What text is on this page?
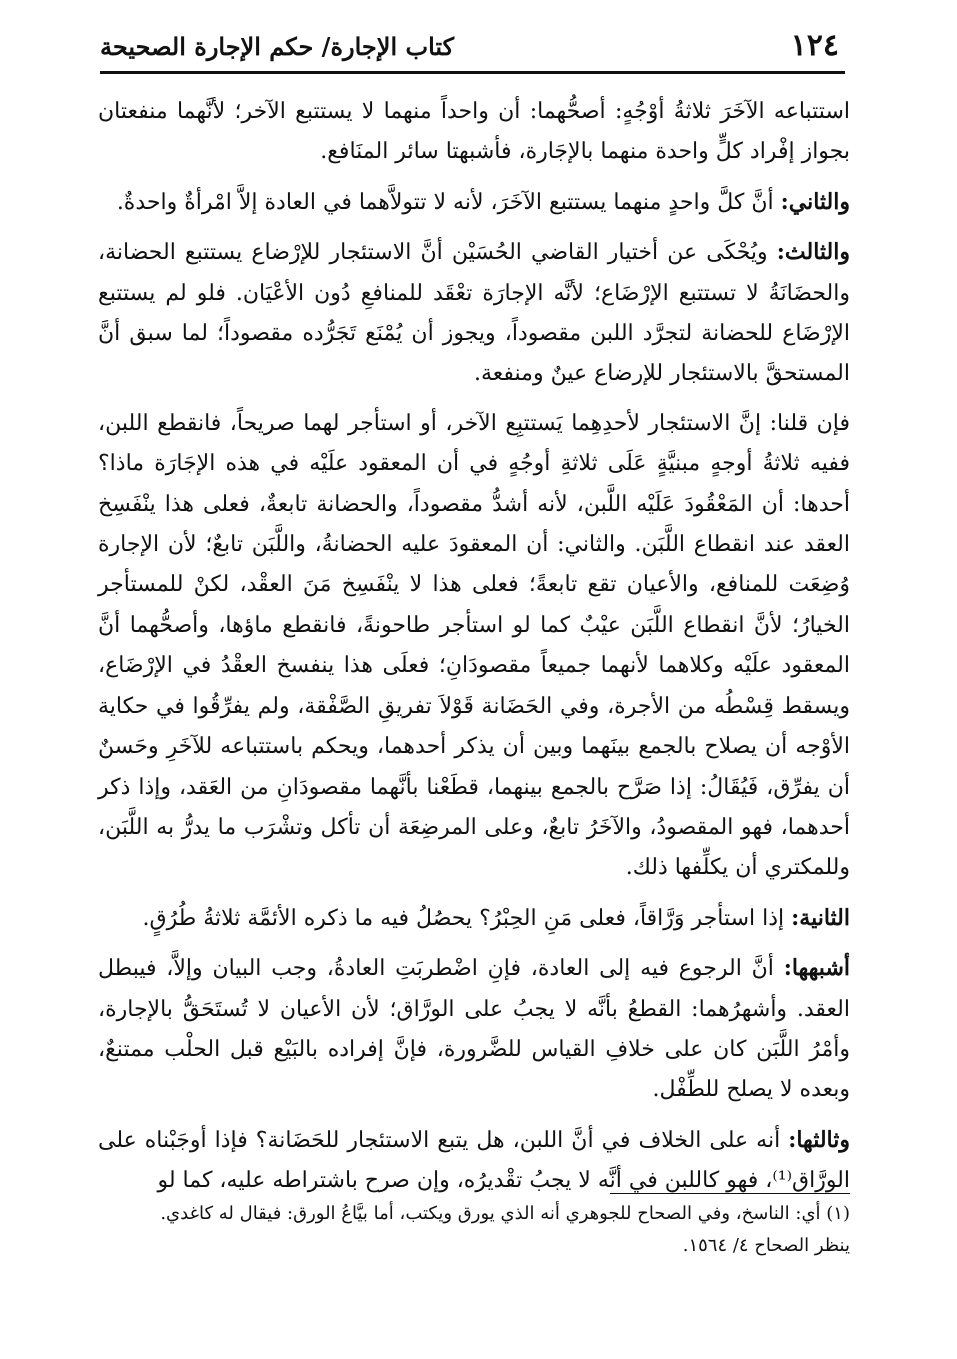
١٢٤
كتاب الإجارة/ حكم الإجارة الصحيحة

استتباعه الآخَرَ ثلاثةُ أوْجُهٍ: أصحُّهما: أن واحداً منهما لا يستتبع الآخر؛ لأنَّهما منفعتان بجواز إفْراد كلٍّ واحدة منهما بالإجَارة، فأشبهتا سائر المنَافع.

والثاني: أنَّ كلَّ واحدٍ منهما يستتبع الآخَرَ، لأنه لا تتولاَّهما في العادة إلاَّ امْرأةٌ واحدةٌ.

والثالث: ويُحْكَى عن أختيار القاضي الحُسَيْن أنَّ الاستئجار للإرْضاع يستتبع الحضانة، والحضَانَةُ لا تستتبع الإرْضَاع؛ لأنَّه الإجارَة تعْقَد للمنافعِ دُون الأعْيَان. فلو لم يستتبع الإرْضَاع للحضانة لتجرَّد اللبن مقصوداً، ويجوز أن يُمْنَع تَجَرُّده مقصوداً؛ لما سبق أنَّ المستحقَّ بالاستئجار للإرضاع عينٌ ومنفعة.

فإن قلنا: إنَّ الاستئجار لأحدِهِما يَستتبِع الآخر، أو استأجر لهما صريحاً، فانقطع اللبن، ففيه ثلاثةُ أوجهٍ مبنيَّةٍ عَلَى ثلاثةِ أوجُهٍ في أن المعقود علَيْه في هذه الإجَارَة ماذا؟ أحدها: أن المَعْقُودَ عَلَيْه اللَّبن، لأنه أشدُّ مقصوداً، والحضانة تابعةٌ، فعلى هذا ينْفَسِخ العقد عند انقطاع اللَّبَن. والثاني: أن المعقودَ عليه الحضانةُ، واللَّبَن تابعٌ؛ لأن الإجارة وُضِعَت للمنافع، والأعيان تقع تابعةً؛ فعلى هذا لا ينْفَسِخ مَنَ العقْد، لكنْ للمستأجر الخيارُ؛ لأنَّ انقطاع اللَّبَن عيْبٌ كما لو استأجر طاحونةً، فانقطع ماؤها، وأصحُّهما أنَّ المعقود علَيْه وكلاهما لأنهما جميعاً مقصودَانِ؛ فعلَى هذا ينفسخ العقْدُ في الإرْضَاع، ويسقط قِسْطُه من الأجرة، وفي الحَضَانة قَوْلاَ تفريقِ الصَّفْقة، ولم يفرِّقُوا في حكاية الأوْجه أن يصلاح بالجمع بينَهما وبين أن يذكر أحدهما، ويحكم باستتباعه للآخَرِ وحَسنٌ أن يفرِّق، فَيُقَالُ: إذا صَرَّح بالجمع بينهما، قطَعْنا بأنَّهما مقصودَانِ من العَقد، وإذا ذكر أحدهما، فهو المقصودُ، والآخَرُ تابعٌ، وعلى المرضِعَة أن تأكل وتشْرَب ما يدرُّ به اللَّبَن، وللمكتري أن يكلِّفها ذلك.

الثانية: إذا استأجر وَرَّاقاً، فعلى مَنِ الحِبْرُ؟ يحصُلُ فيه ما ذكره الأئمَّة ثلاثةُ طُرُقٍ.

أشبهها: أنَّ الرجوع فيه إلى العادة، فإنِ اضْطربَتِ العادةُ، وجب البيان وإلاَّ، فيبطل العقد. وأشهرُهما: القطعُ بأنَّه لا يجبُ على الورَّاق؛ لأن الأعيان لا تُستَحَقُّ بالإجارة، وأمْرُ اللَّبَن كان على خلافِ القياس للضَّرورة، فإنَّ إفراده بالبَيْع قبل الحلْب ممتنعٌ، وبعده لا يصلح للطِّفْل.

وثالثها: أنه على الخلاف في أنَّ اللبن، هل يتبع الاستئجار للحَضَانة؟ فإذا أوجَبْناه على الورَّاق⁽¹⁾، فهو كاللبن في أنَّه لا يجبُ تقْديرُه، وإن صرح باشتراطه عليه، كما لو

(١) أي: الناسخ، وفي الصحاح للجوهري أنه الذي يورق ويكتب، أما بيَّاعُ الورق: فيقال له كاغدي.

ينظر الصحاح ٤/ ١٥٦٤.
